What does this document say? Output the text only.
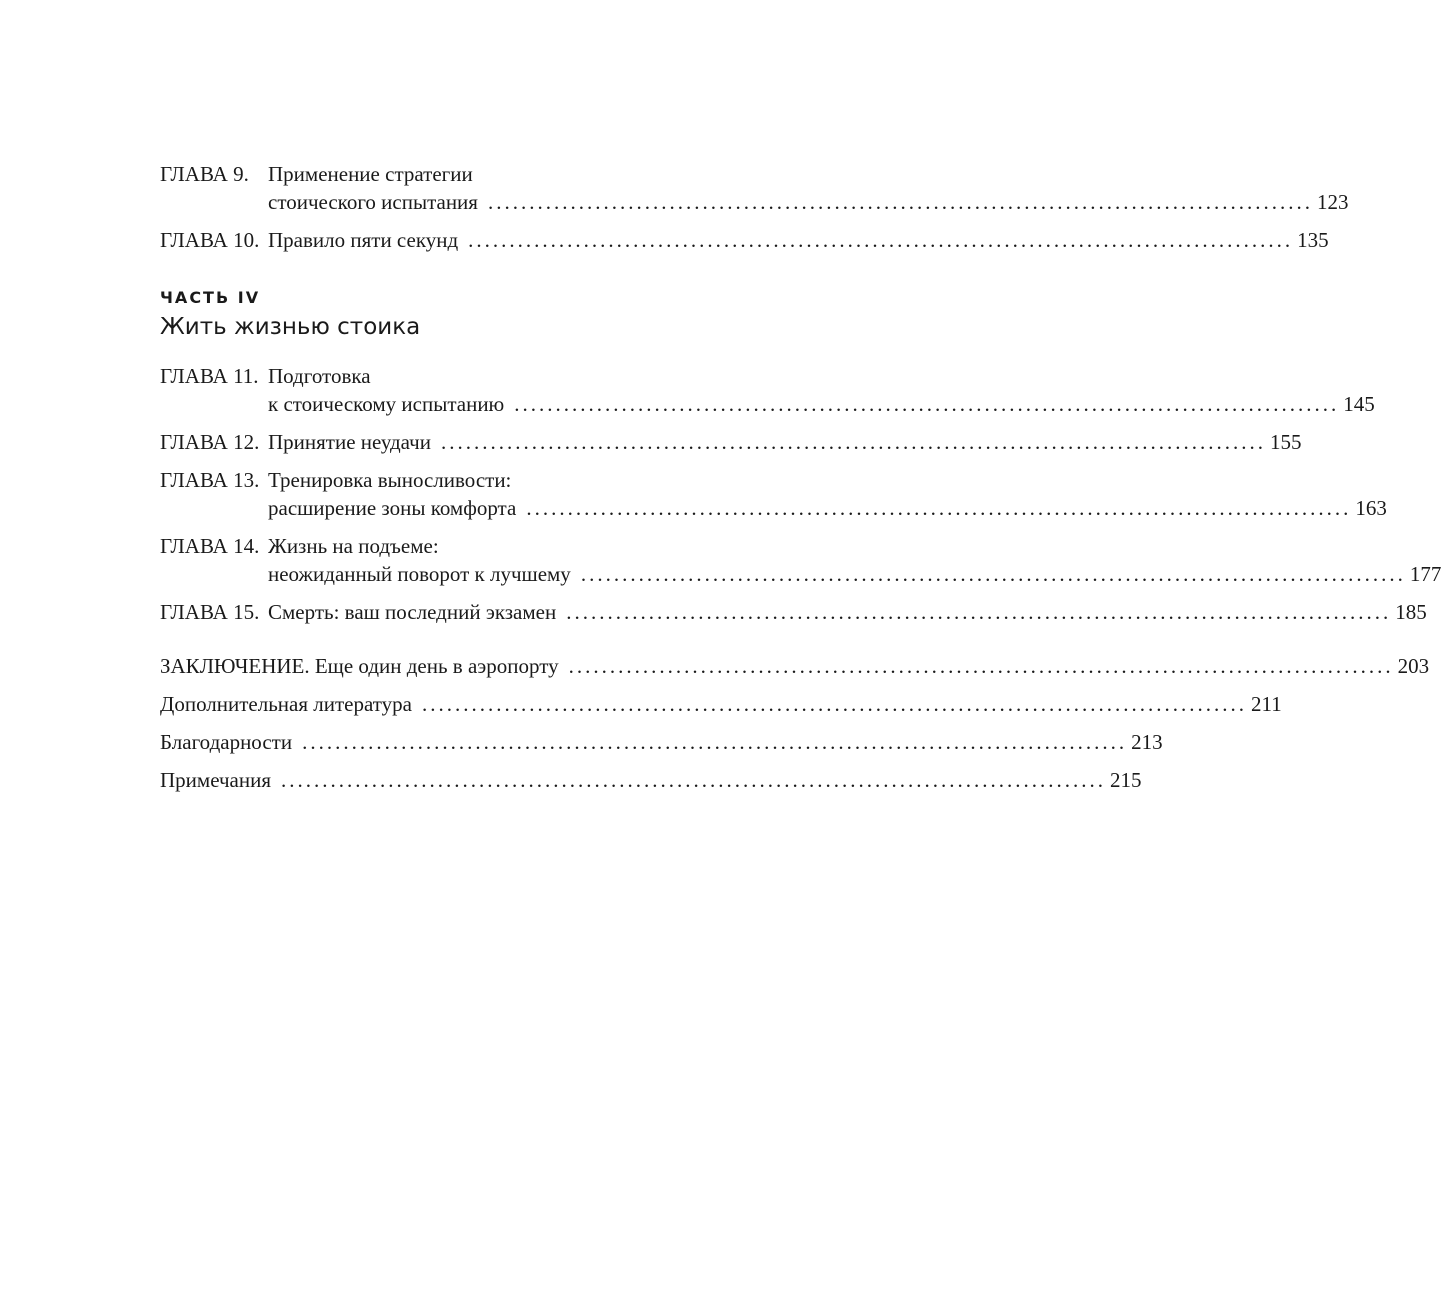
ГЛАВА 9. Применение стратегии
стоического испытания .................................................................................................... 123
ГЛАВА 10. Правило пяти секунд .................................................................................................... 135
ЧАСТЬ IV
Жить жизнью стоика
ГЛАВА 11. Подготовка
к стоическому испытанию .................................................................................................... 145
ГЛАВА 12. Принятие неудачи .................................................................................................... 155
ГЛАВА 13. Тренировка выносливости:
расширение зоны комфорта .................................................................................................... 163
ГЛАВА 14. Жизнь на подъеме:
неожиданный поворот к лучшему .................................................................................................... 177
ГЛАВА 15. Смерть: ваш последний экзамен .................................................................................................... 185
ЗАКЛЮЧЕНИЕ. Еще один день в аэропорту .................................................................................................... 203
Дополнительная литература .................................................................................................... 211
Благодарности .................................................................................................... 213
Примечания .................................................................................................... 215
